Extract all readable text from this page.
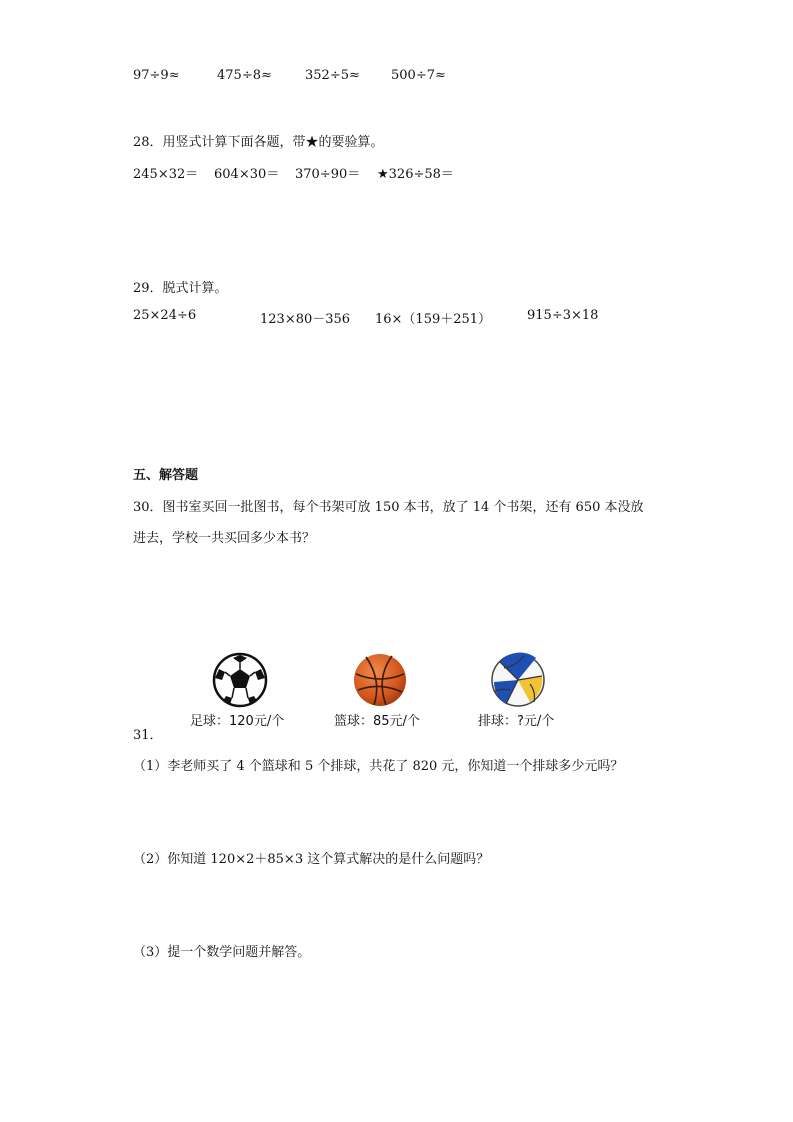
97÷9≈	475÷8≈	352÷5≈ 500÷7≈
28．用竖式计算下面各题，带★的要验算。
245×32＝ 604×30＝ 370÷90＝ ★326÷58＝
29．脱式计算。
25×24÷6	123×80－356 16×（159＋251）	915÷3×18
五、解答题
30．图书室买回一批图书，每个书架可放 150 本书，放了 14 个书架，还有 650 本没放
进去，学校一共买回多少本书？
足球：120元/个	篮球：85元/个	排球：?元/个
31．
（1）李老师买了 4 个篮球和 5 个排球，共花了 820 元，你知道一个排球多少元吗？
（2）你知道 120×2＋85×3 这个算式解决的是什么问题吗？
（3）提一个数学问题并解答。
